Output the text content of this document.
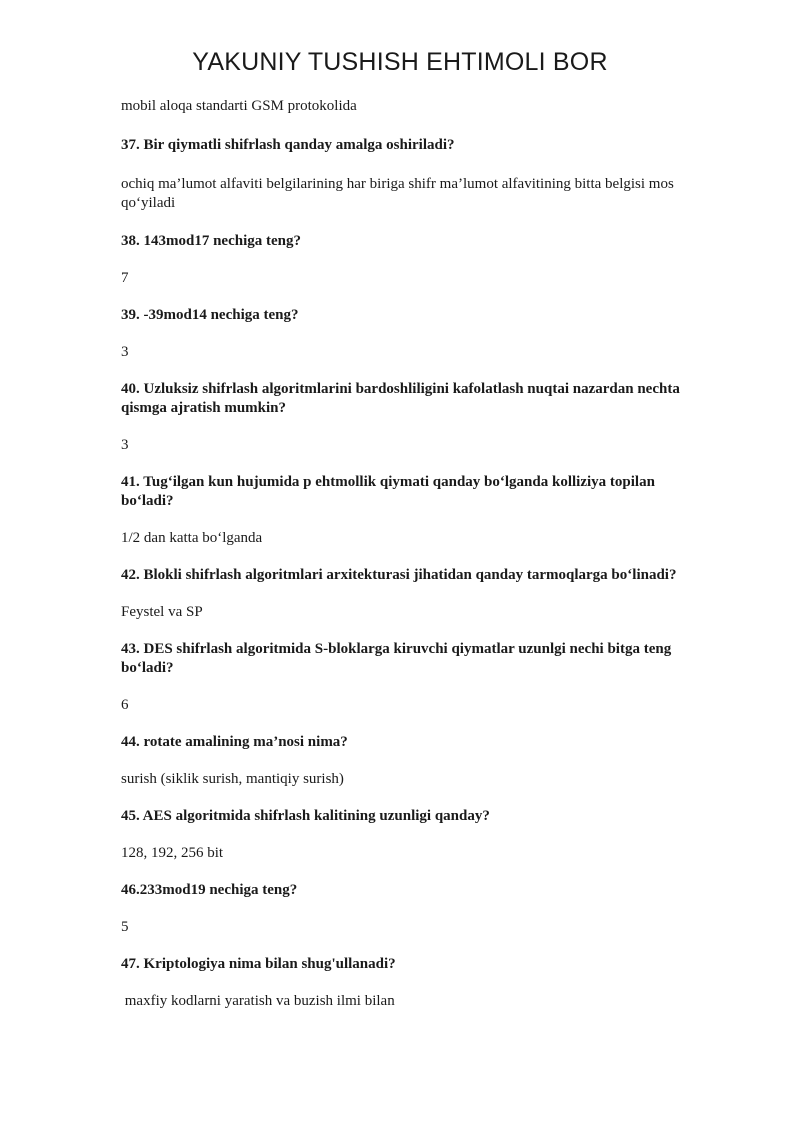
YAKUNIY TUSHISH EHTIMOLI BOR

mobil aloqa standarti GSM protokolida

37. Bir qiymatli shifrlash qanday amalga oshiriladi?

ochiq ma’lumot alfaviti belgilarining har biriga shifr ma’lumot alfavitining bitta belgisi mos qo‘yiladi

38. 143mod17 nechiga teng?

7

39. -39mod14 nechiga teng?

3

40. Uzluksiz shifrlash algoritmlarini bardoshliligini kafolatlash nuqtai nazardan nechta qismga ajratish mumkin?

3

41. Tug‘ilgan kun hujumida p ehtmollik qiymati qanday bo‘lganda kolliziya topilan bo‘ladi?

1/2 dan katta bo‘lganda

42. Blokli shifrlash algoritmlari arxitekturasi jihatidan qanday tarmoqlarga bo‘linadi?

Feystel va SP

43. DES shifrlash algoritmida S-bloklarga kiruvchi qiymatlar uzunlgi nechi bitga teng bo‘ladi?

6

44. rotate amalining ma’nosi nima?

surish (siklik surish, mantiqiy surish)

45. AES algoritmida shifrlash kalitining uzunligi qanday?

128, 192, 256 bit

46.233mod19 nechiga teng?

5

47. Kriptologiya nima bilan shug'ullanadi?

maxfiy kodlarni yaratish va buzish ilmi bilan
